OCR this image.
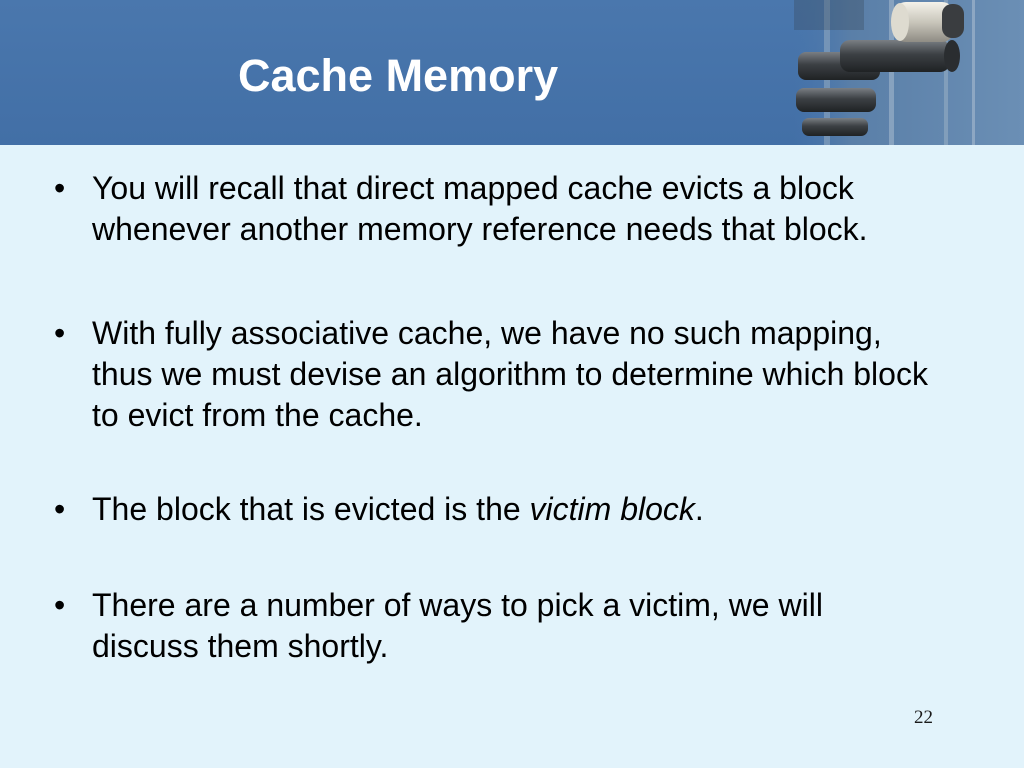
Cache Memory
• You will recall that direct mapped cache evicts a block whenever another memory reference needs that block.
• With fully associative cache, we have no such mapping, thus we must devise an algorithm to determine which block to evict from the cache.
• The block that is evicted is the victim block.
• There are a number of ways to pick a victim, we will discuss them shortly.
22
